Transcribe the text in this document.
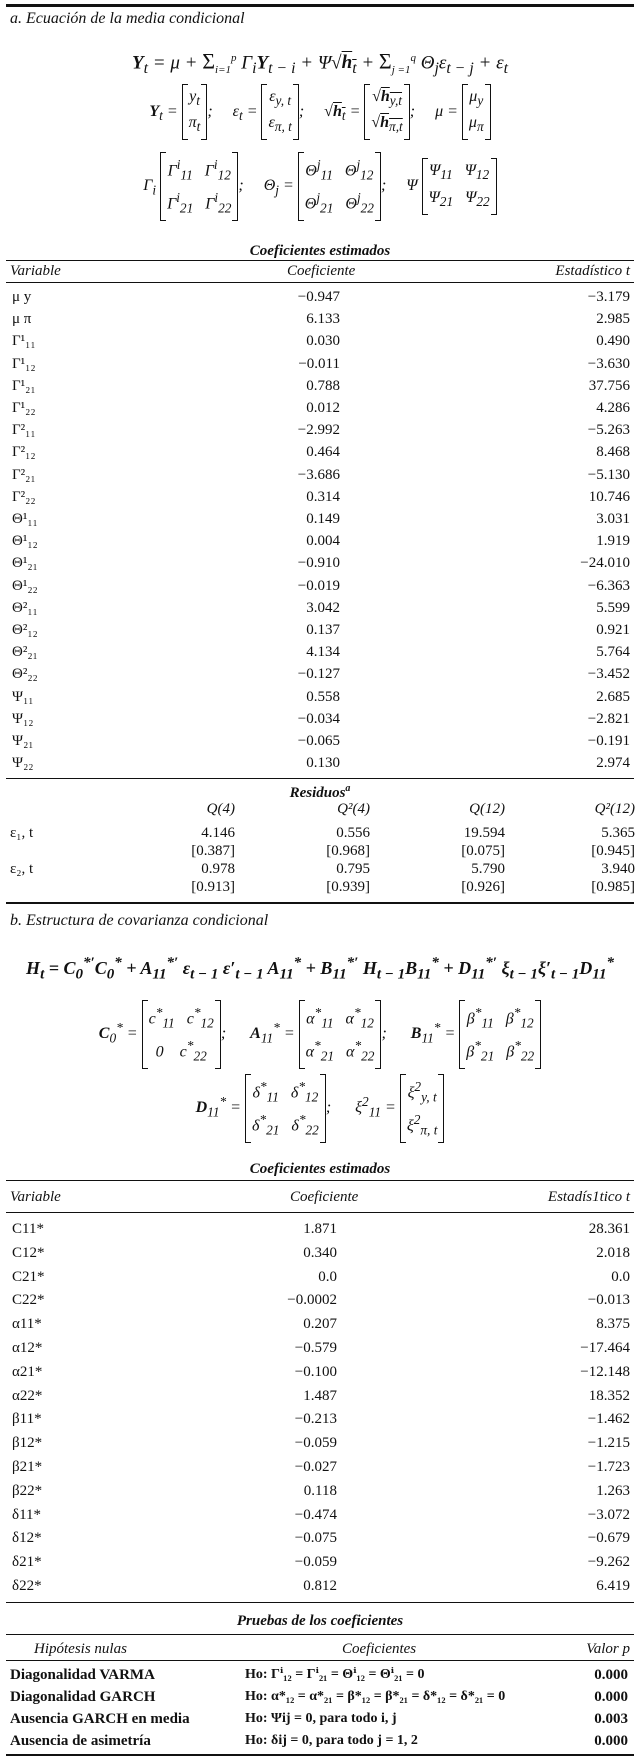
a. Ecuación de la media condicional
$Y_t = \mu + \Sigma_{i=1}^p$ $\Gamma_iY_{t - i} + \Psi√h_t + \Sigma_{j =1}^q$ $\Theta_j\varepsilon_{t - j} + \varepsilon_t$
$Y_t$ =
$y_t$
$\pi_t$
;     $\varepsilon_t$ =
$\varepsilon_{y, t}$
$\varepsilon_{\pi, t}$
;     $√h_t$ =
$√h_{y,t}$
$√h_{\pi,t}$
;     μ =
$\mu_y$
$\mu_\pi$
$\Gamma_i$
$\Gamma^i_{11}$   $\Gamma^i_{12}$
$\Gamma^i_{21}$   $\Gamma^i_{22}$
;     $\Theta_j$ =
$\Theta^j_{11}$   $\Theta^j_{12}$
$\Theta^j_{21}$   $\Theta^j_{22}$
;     Ψ
$\Psi_{11}$   $\Psi_{12}$
$\Psi_{21}$   $\Psi_{22}$
Coeficientes estimados
Variable	Coeficiente	Estadístico t
μ y	−0.947	−3.179
μ π	6.133	2.985
Γ¹₁₁	0.030	0.490
Γ¹₁₂	−0.011	−3.630
Γ¹₂₁	0.788	37.756
Γ¹₂₂	0.012	4.286
Γ²₁₁	−2.992	−5.263
Γ²₁₂	0.464	8.468
Γ²₂₁	−3.686	−5.130
Γ²₂₂	0.314	10.746
Θ¹₁₁	0.149	3.031
Θ¹₁₂	0.004	1.919
Θ¹₂₁	−0.910	−24.010
Θ¹₂₂	−0.019	−6.363
Θ²₁₁	3.042	5.599
Θ²₁₂	0.137	0.921
Θ²₂₁	4.134	5.764
Θ²₂₂	−0.127	−3.452
Ψ₁₁	0.558	2.685
Ψ₁₂	−0.034	−2.821
Ψ₂₁	−0.065	−0.191
Ψ₂₂	0.130	2.974
Residuos$^a$
	Q(4)	Q²(4)	Q(12)	Q²(12)

ε₁, t	4.146	0.556	19.594	5.365
	[0.387]	[0.968]	[0.075]	[0.945]
ε₂, t	0.978	0.795	5.790	3.940
	[0.913]	[0.939]	[0.926]	[0.985]
b. Estructura de covarianza condicional
$H_t = C_0^{*'}C_0^* + A_{11}^{*'}$ $\varepsilon_{t - 1}$ $\varepsilon'_{t - 1}$ $A_{11}^* + B_{11}^{*'}$ $H_{t - 1}B_{11}^* + D_{11}^{*'}$ $\xi_{t - 1}\xi'_{t - 1}D_{11}^*$
$C_0^*$ =
$c^*_{11}$   $c^*_{12}$
0    $c^*_{22}$
;      $A_{11}^*$ =
$\alpha^*_{11}$   $\alpha^*_{12}$
$\alpha^*_{21}$   $\alpha^*_{22}$
;      $B_{11}^*$ =
$\beta^*_{11}$   $\beta^*_{12}$
$\beta^*_{21}$   $\beta^*_{22}$
$D_{11}^*$ =
$\delta^*_{11}$   $\delta^*_{12}$
$\delta^*_{21}$   $\delta^*_{22}$
;      $\xi^2_{11}$ =
$\xi^2_{y, t}$
$\xi^2_{\pi, t}$
Coeficientes estimados
Variable	Coeficiente	Estadís1tico t
C11*	1.871	28.361
C12*	0.340	2.018
C21*	0.0	0.0
C22*	−0.0002	−0.013
α11*	0.207	8.375
α12*	−0.579	−17.464
α21*	−0.100	−12.148
α22*	1.487	18.352
β11*	−0.213	−1.462
β12*	−0.059	−1.215
β21*	−0.027	−1.723
β22*	0.118	1.263
δ11*	−0.474	−3.072
δ12*	−0.075	−0.679
δ21*	−0.059	−9.262
δ22*	0.812	6.419
Pruebas de los coeficientes
Hipótesis nulas	Coeficientes	Valor p
Diagonalidad VARMA	Ho: Γⁱ₁₂ = Γⁱ₂₁ = Θⁱ₁₂ = Θⁱ₂₁ = 0	0.000
Diagonalidad GARCH	Ho: α*₁₂ = α*₂₁ = β*₁₂ = β*₂₁ = δ*₁₂ = δ*₂₁ = 0	0.000
Ausencia GARCH en media	Ho: Ψij = 0, para todo i, j	0.003
Ausencia de asimetría	Ho: δij = 0, para todo j = 1, 2	0.000
